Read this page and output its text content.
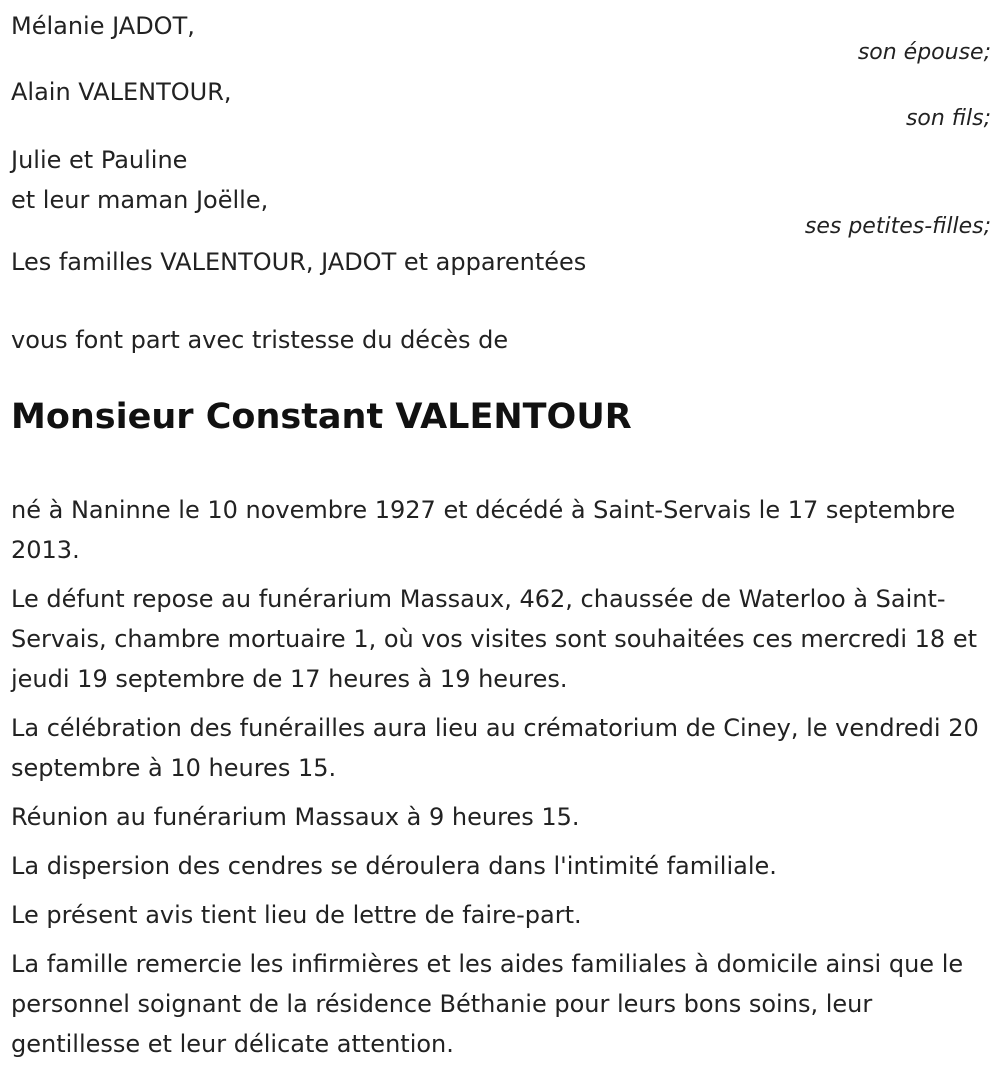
Mélanie JADOT,
son épouse;
Alain VALENTOUR,
son fils;
Julie et Pauline
et leur maman Joëlle,
ses petites-filles;
Les familles VALENTOUR, JADOT et apparentées
vous font part avec tristesse du décès de
Monsieur Constant VALENTOUR

né à Naninne le 10 novembre 1927 et décédé à Saint-Servais le 17 septembre 2013.

Le défunt repose au funérarium Massaux, 462, chaussée de Waterloo à Saint-Servais, chambre mortuaire 1, où vos visites sont souhaitées ces mercredi 18 et jeudi 19 septembre de 17 heures à 19 heures.

La célébration des funérailles aura lieu au crématorium de Ciney, le vendredi 20 septembre à 10 heures 15.

Réunion au funérarium Massaux à 9 heures 15.

La dispersion des cendres se déroulera dans l'intimité familiale.

Le présent avis tient lieu de lettre de faire-part.

La famille remercie les infirmières et les aides familiales à domicile ainsi que le personnel soignant de la résidence Béthanie pour leurs bons soins, leur gentillesse et leur délicate attention.
